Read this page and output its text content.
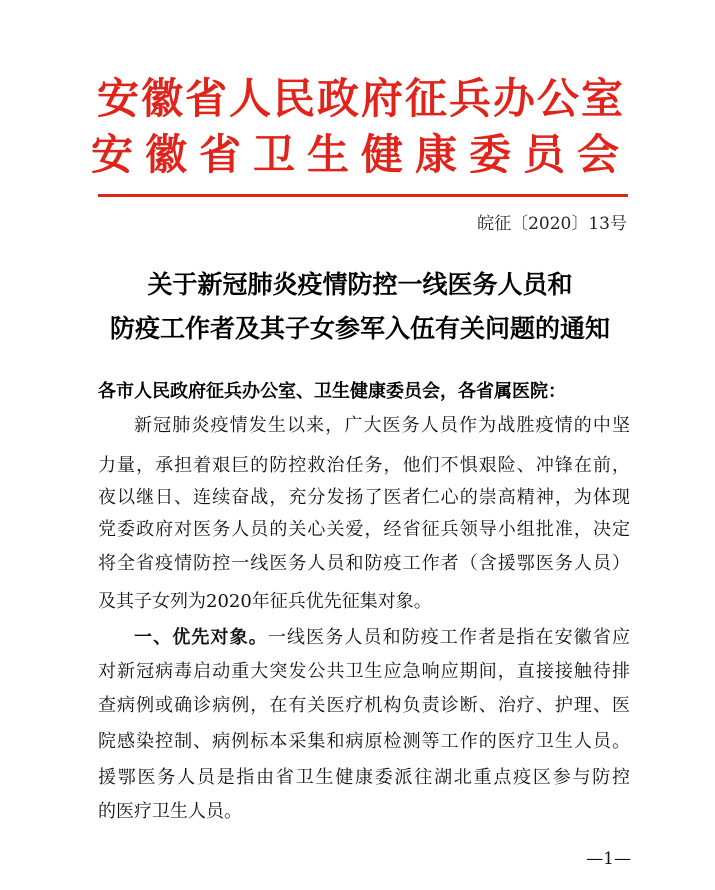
安徽省人民政府征兵办公室
安徽省卫生健康委员会
皖征〔2020〕13号
关于新冠肺炎疫情防控一线医务人员和
防疫工作者及其子女参军入伍有关问题的通知
各市人民政府征兵办公室、卫生健康委员会，各省属医院：
新冠肺炎疫情发生以来，广大医务人员作为战胜疫情的中坚
力量，承担着艰巨的防控救治任务，他们不惧艰险、冲锋在前，
夜以继日、连续奋战，充分发扬了医者仁心的崇高精神，为体现
党委政府对医务人员的关心关爱，经省征兵领导小组批准，决定
将全省疫情防控一线医务人员和防疫工作者（含援鄂医务人员）
及其子女列为2020年征兵优先征集对象。
一、优先对象。一线医务人员和防疫工作者是指在安徽省应
对新冠病毒启动重大突发公共卫生应急响应期间，直接接触待排
查病例或确诊病例，在有关医疗机构负责诊断、治疗、护理、医
院感染控制、病例标本采集和病原检测等工作的医疗卫生人员。
援鄂医务人员是指由省卫生健康委派往湖北重点疫区参与防控
的医疗卫生人员。
—1—
